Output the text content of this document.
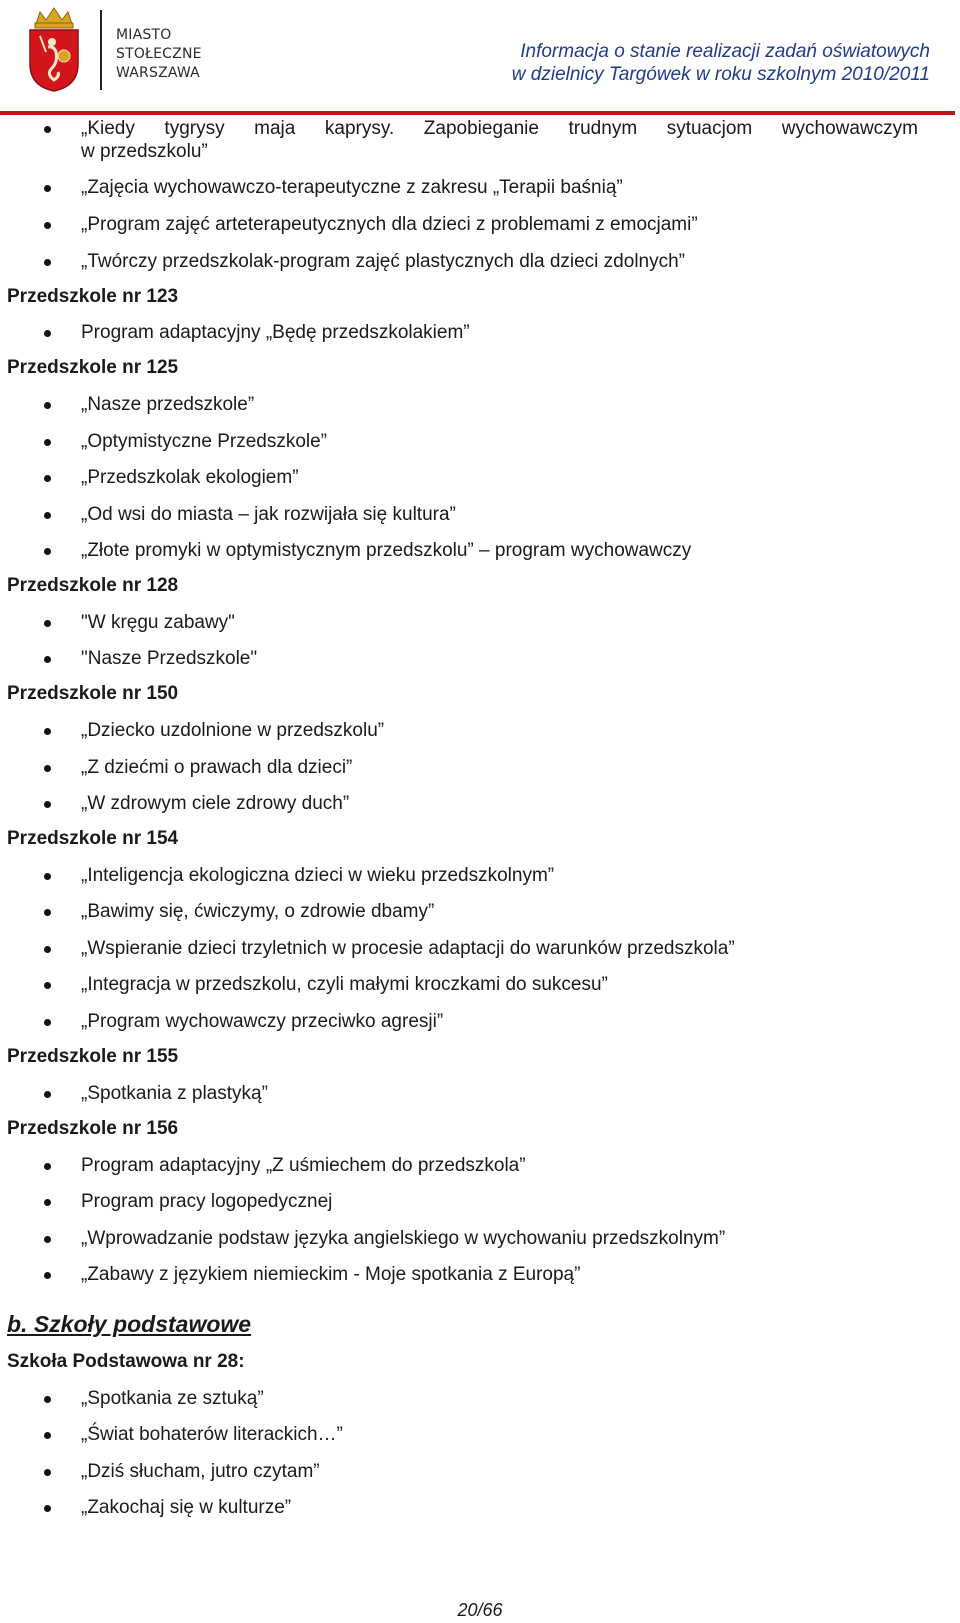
MIASTO
STOŁECZNE
WARSZAWA
Informacja o stanie realizacji zadań oświatowych
w dzielnicy Targówek w roku szkolnym 2010/2011
„Kiedy tygrysy maja kaprysy. Zapobieganie trudnym sytuacjom wychowawczym
w przedszkolu”
„Zajęcia wychowawczo-terapeutyczne z zakresu „Terapii baśnią”
„Program zajęć arteterapeutycznych dla dzieci z problemami z emocjami”
„Twórczy przedszkolak-program zajęć plastycznych dla dzieci zdolnych”
Przedszkole nr 123
Program adaptacyjny „Będę przedszkolakiem”
Przedszkole nr 125
„Nasze przedszkole”
„Optymistyczne Przedszkole”
„Przedszkolak ekologiem”
„Od wsi do miasta – jak rozwijała się kultura”
„Złote promyki w optymistycznym przedszkolu” – program wychowawczy
Przedszkole nr 128
"W kręgu zabawy"
"Nasze Przedszkole"
Przedszkole nr 150
„Dziecko uzdolnione w przedszkolu”
„Z dziećmi o prawach dla dzieci”
„W zdrowym ciele zdrowy duch”
Przedszkole nr 154
„Inteligencja ekologiczna dzieci w wieku przedszkolnym”
„Bawimy się, ćwiczymy, o zdrowie dbamy”
„Wspieranie dzieci trzyletnich w procesie adaptacji do warunków przedszkola”
„Integracja w przedszkolu, czyli małymi kroczkami do sukcesu”
„Program wychowawczy przeciwko agresji”
Przedszkole nr 155
„Spotkania z plastyką”
Przedszkole nr 156
Program adaptacyjny „Z uśmiechem do przedszkola”
Program pracy logopedycznej
„Wprowadzanie podstaw języka angielskiego w wychowaniu przedszkolnym”
„Zabawy z językiem niemieckim - Moje spotkania z Europą”
b. Szkoły podstawowe
Szkoła Podstawowa nr 28:
„Spotkania ze sztuką”
„Świat bohaterów literackich…”
„Dziś słucham, jutro czytam”
„Zakochaj się w kulturze”
20/66
